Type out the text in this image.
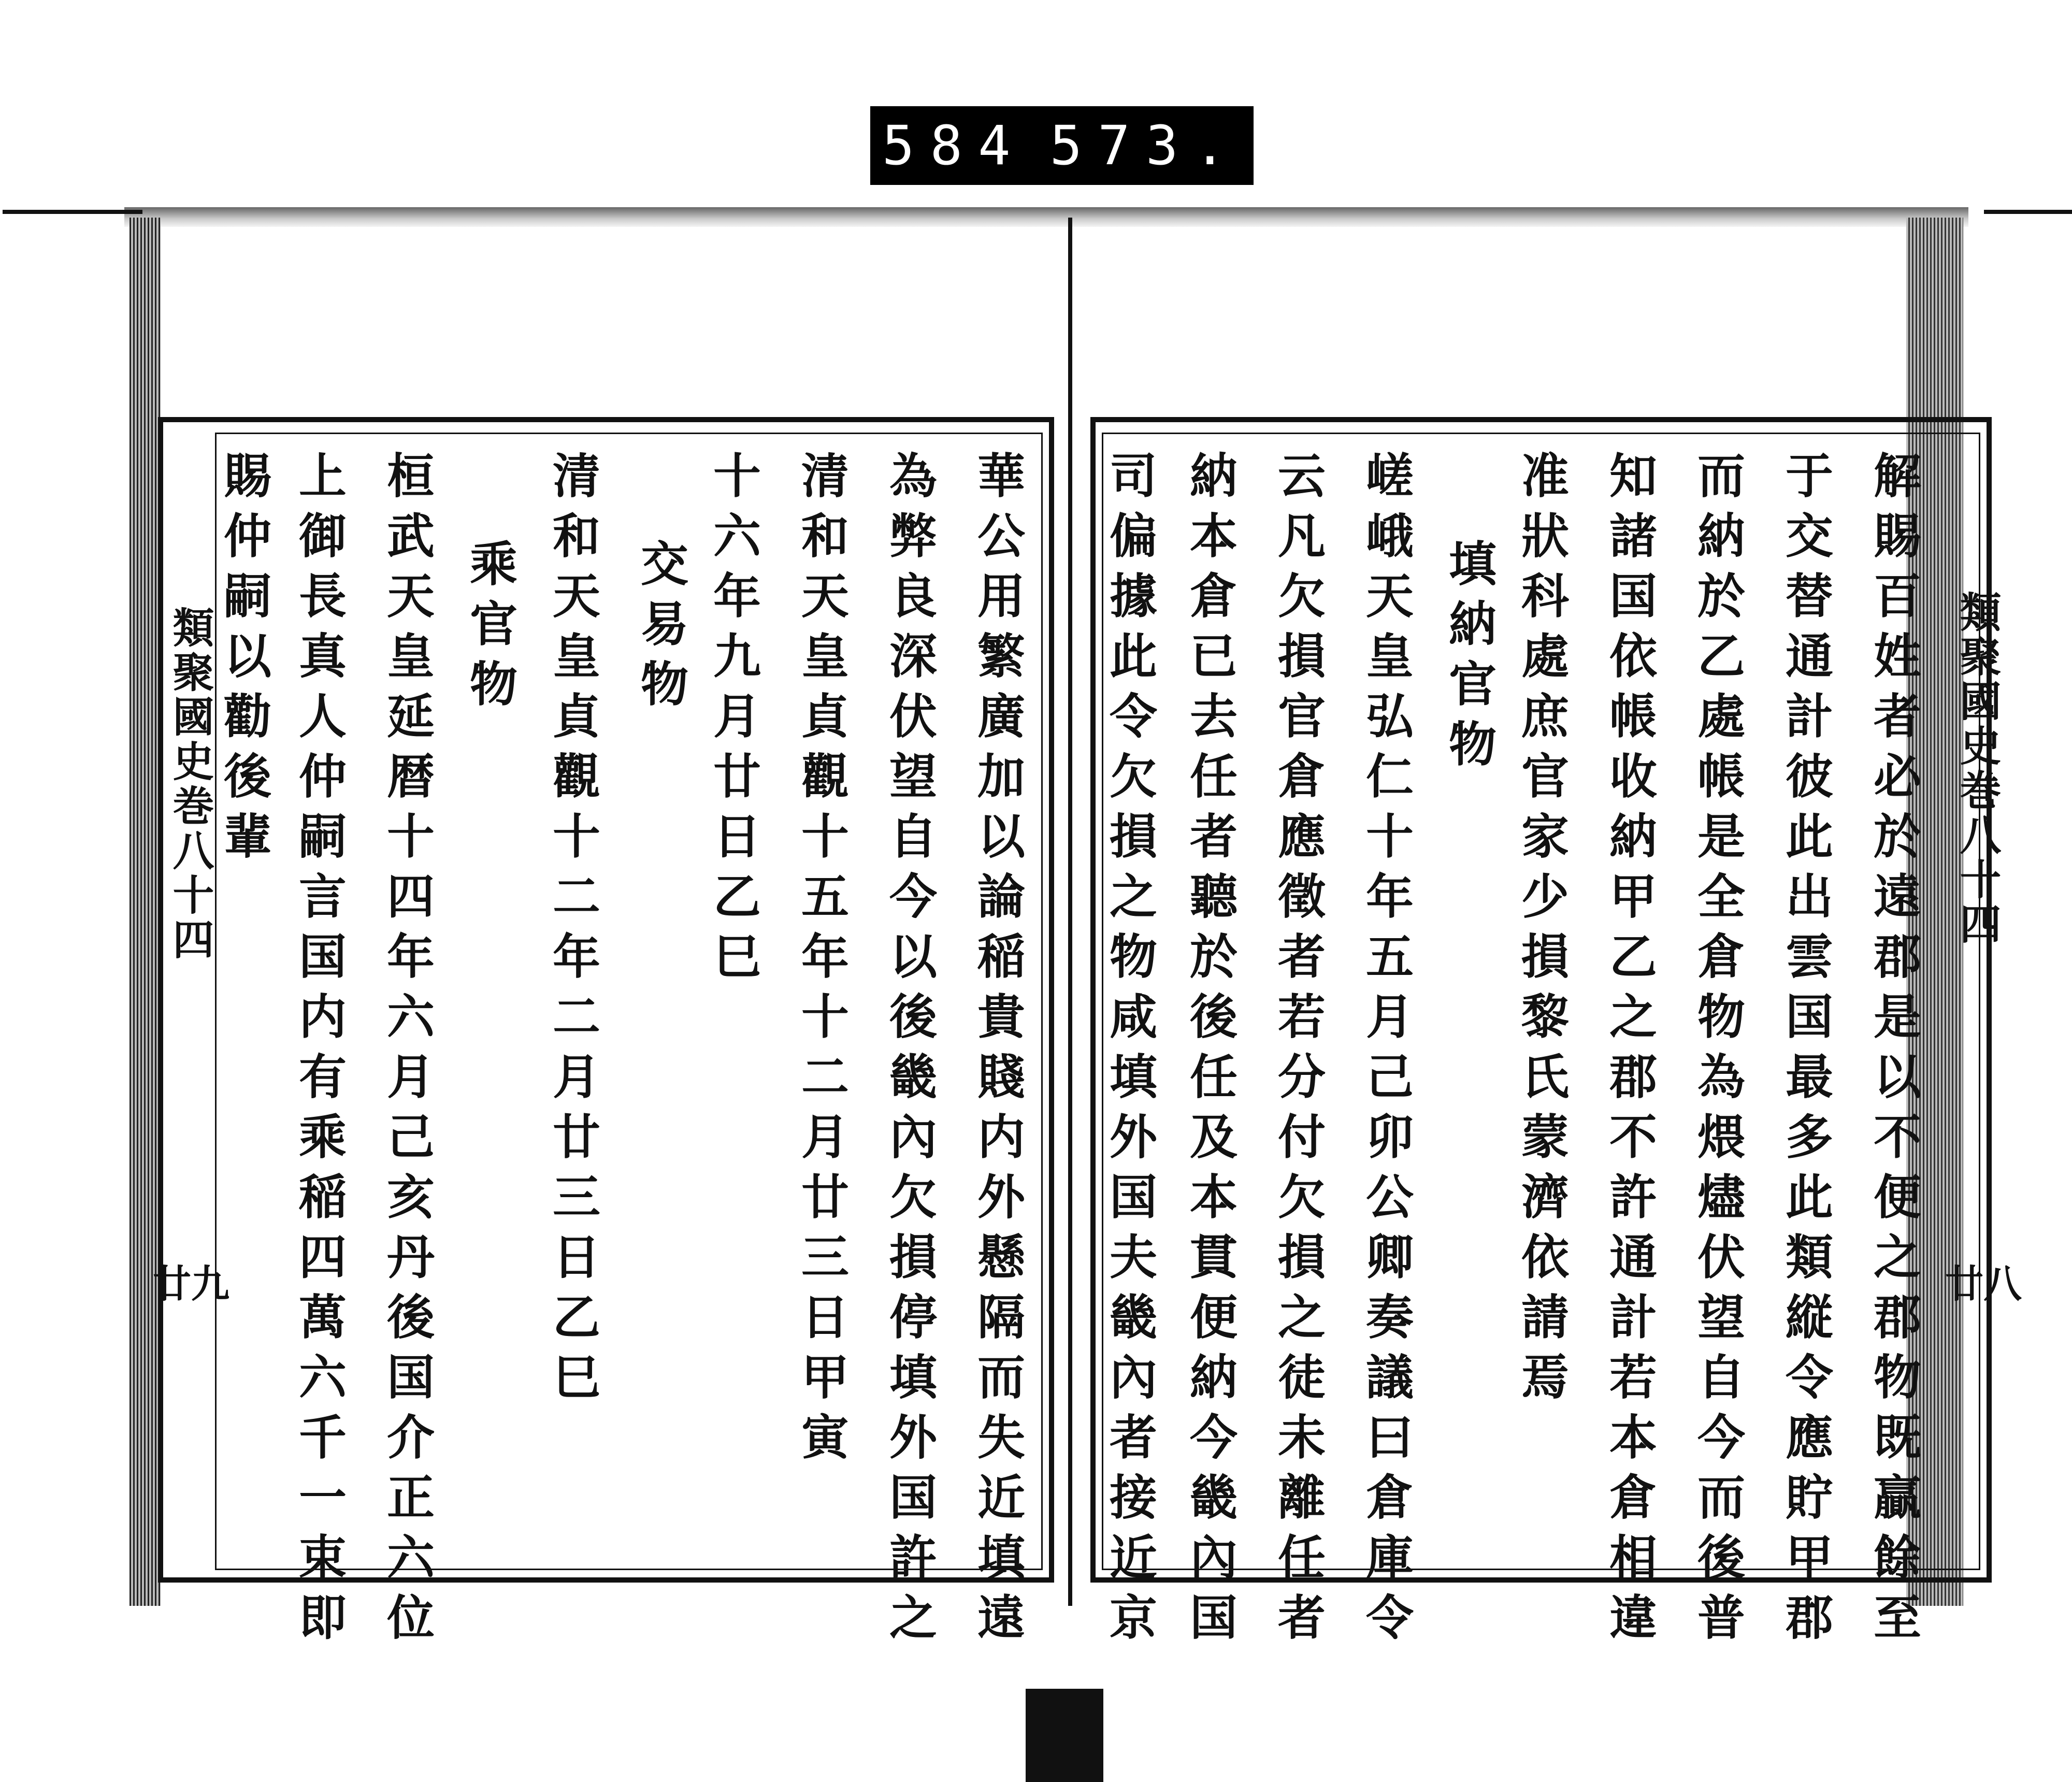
584 573.
類聚國史巻八十四
廿八
解賜百姓者必於遠郡是以不便之郡物既贏餘至
于交替通計彼此出雲国最多此類縦令應貯甲郡
而納於乙處帳是全倉物為煨燼伏望自今而後普
知諸国依帳收納甲乙之郡不許通計若本倉相違
准狀科處庶官家少損黎氏蒙濟依請焉
填納官物
嵯峨天皇弘仁十年五月己卯公卿奏議曰倉庫令
云凡欠損官倉應徵者若分付欠損之徒未離任者
納本倉已去任者聽於後任及本貫便納今畿內国
司偏據此令欠損之物咸填外国夫畿內者接近京
類聚國史巻八十四
廿九	華公用繁廣加以論稲貴賤内外懸隔而失近填遠
為弊良深伏望自今以後畿內欠損停填外国許之
清和天皇貞觀十五年十二月廿三日甲寅
十六年九月廿日乙巳
交易物
清和天皇貞觀十二年二月廿三日乙巳
乘官物
桓武天皇延暦十四年六月己亥丹後国介正六位
上御長真人仲嗣言国内有乘稲四萬六千一束即
賜仲嗣以勸後輩
